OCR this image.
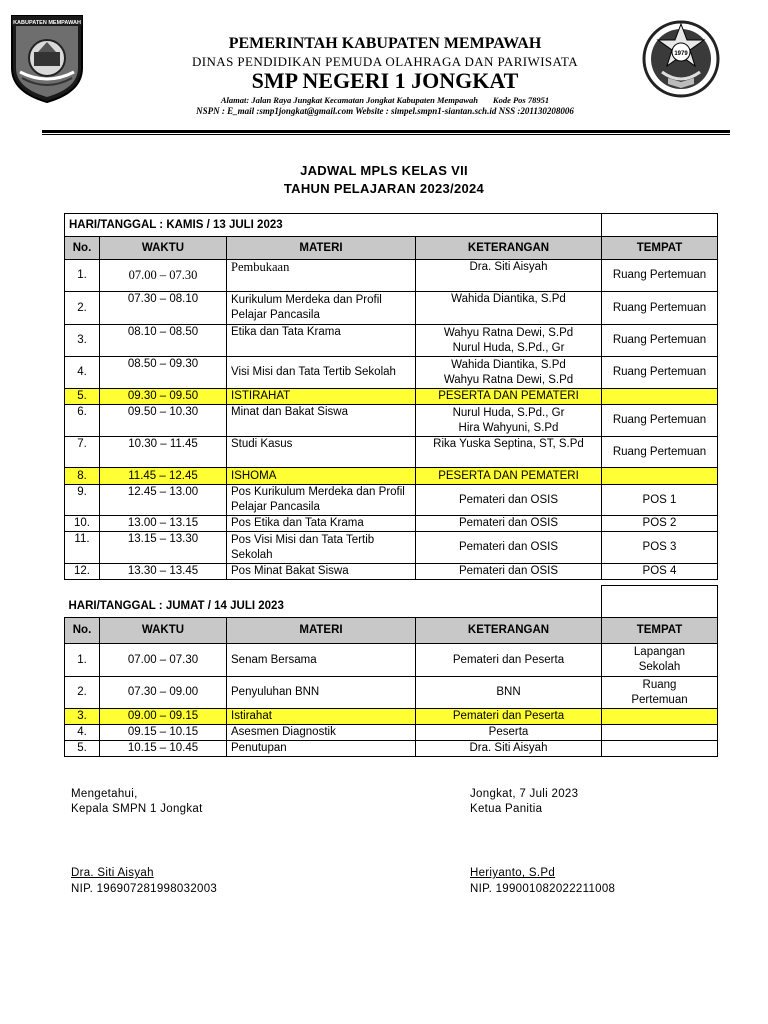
PEMERINTAH KABUPATEN MEMPAWAH
DINAS PENDIDIKAN PEMUDA OLAHRAGA DAN PARIWISATA
SMP NEGERI 1 JONGKAT
Alamat: Jalan Raya Jungkat Kecamatan Jongkat Kabupaten Mempawah Kode Pos 78951
NSPN : E_mail :smp1jongkat@gmail.com Website : simpel.smpn1-siantan.sch.id NSS :201130208006
KABUPATEN MEMPAWAH
1979
JADWAL MPLS KELAS VII
TAHUN PELAJARAN 2023/2024
HARI/TANGGAL : KAMIS / 13 JULI 2023				
No.	WAKTU	MATERI	KETERANGAN	TEMPAT
1.	07.00 – 07.30	Pembukaan	Dra. Siti Aisyah	Ruang Pertemuan
2.	07.30 – 08.10	Kurikulum Merdeka dan Profil Pelajar Pancasila	Wahida Diantika, S.Pd	Ruang Pertemuan
3.	08.10 – 08.50	Etika dan Tata Krama	Wahyu Ratna Dewi, S.Pd Nurul Huda, S.Pd., Gr	Ruang Pertemuan
4.	08.50 – 09.30	Visi Misi dan Tata Tertib Sekolah	Wahida Diantika, S.Pd Wahyu Ratna Dewi, S.Pd	Ruang Pertemuan
5.	09.30 – 09.50	ISTIRAHAT	PESERTA DAN PEMATERI	
6.	09.50 – 10.30	Minat dan Bakat Siswa	Nurul Huda, S.Pd., Gr Hira Wahyuni, S.Pd	Ruang Pertemuan
7.	10.30 – 11.45	Studi Kasus	Rika Yuska Septina, ST, S.Pd	Ruang Pertemuan
8.	11.45 – 12.45	ISHOMA	PESERTA DAN PEMATERI	
9.	12.45 – 13.00	Pos Kurikulum Merdeka dan Profil Pelajar Pancasila	Pemateri dan OSIS	POS 1
10.	13.00 – 13.15	Pos Etika dan Tata Krama	Pemateri dan OSIS	POS 2
11.	13.15 – 13.30	Pos Visi Misi dan Tata Tertib Sekolah	Pemateri dan OSIS	POS 3
12.	13.30 – 13.45	Pos Minat Bakat Siswa	Pemateri dan OSIS	POS 4
HARI/TANGGAL : JUMAT / 14 JULI 2023				
No.	WAKTU	MATERI	KETERANGAN	TEMPAT
1.	07.00 – 07.30	Senam Bersama	Pemateri dan Peserta	Lapangan Sekolah
2.	07.30 – 09.00	Penyuluhan BNN	BNN	Ruang Pertemuan
3.	09.00 – 09.15	Istirahat	Pemateri dan Peserta	
4.	09.15 – 10.15	Asesmen Diagnostik	Peserta	
5.	10.15 – 10.45	Penutupan	Dra. Siti Aisyah	
Mengetahui,
Kepala SMPN 1 Jongkat
Dra. Siti Aisyah
NIP. 196907281998032003
Jongkat, 7 Juli 2023
Ketua Panitia
Heriyanto, S.Pd
NIP. 199001082022211008
